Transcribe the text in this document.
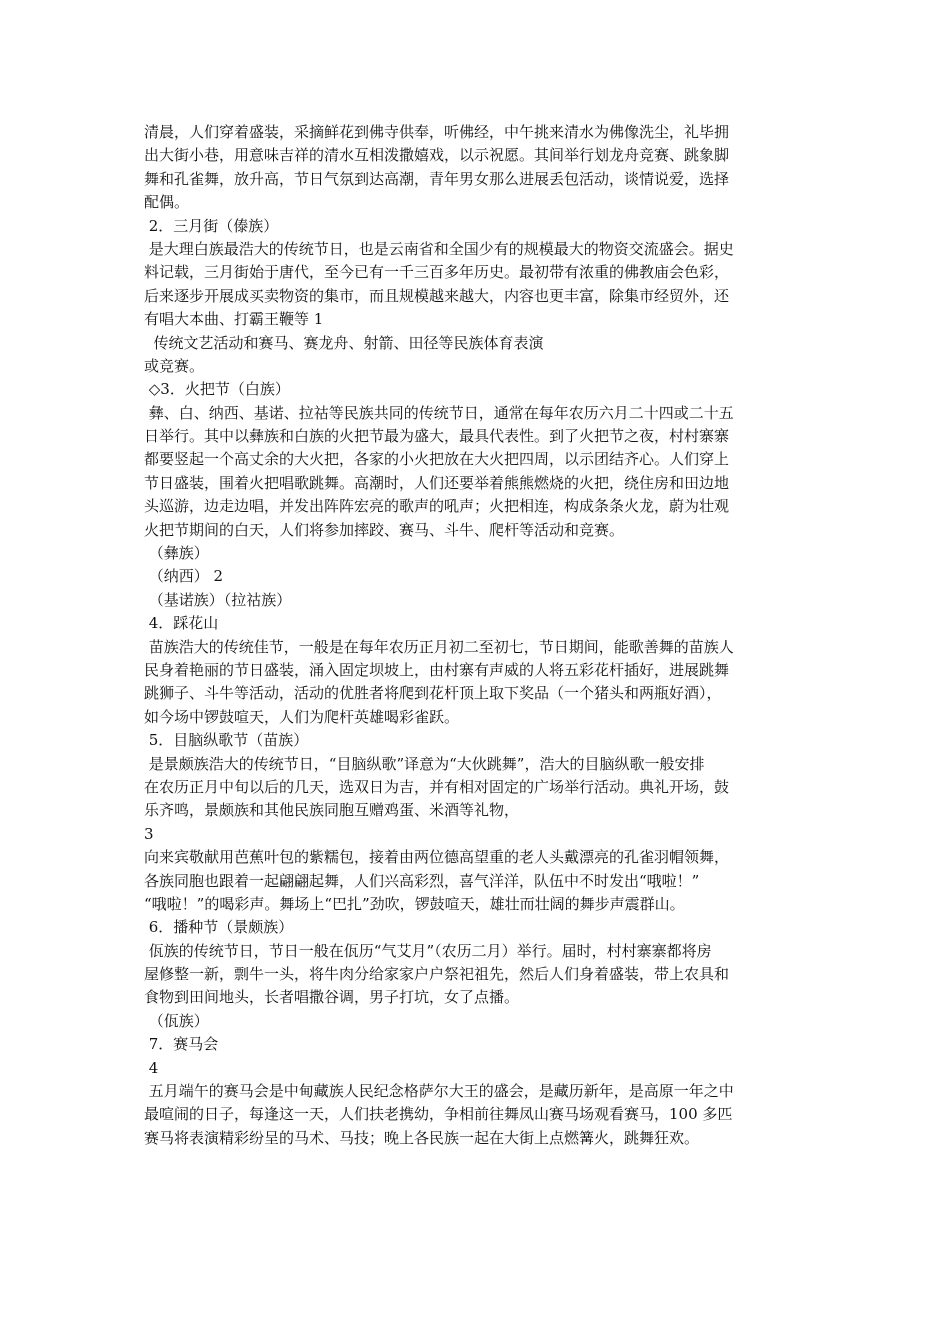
清晨，人们穿着盛装，采摘鲜花到佛寺供奉，听佛经，中午挑来清水为佛像洗尘，礼毕拥
出大街小巷，用意味吉祥的清水互相泼撒嬉戏，以示祝愿。其间举行划龙舟竞赛、跳象脚
舞和孔雀舞，放升高，节日气氛到达高潮，青年男女那么进展丢包活动，谈情说爱，选择
配偶。
2．三月街（傣族）
是大理白族最浩大的传统节日，也是云南省和全国少有的规模最大的物资交流盛会。据史
料记载，三月街始于唐代，至今已有一千三百多年历史。最初带有浓重的佛教庙会色彩，
后来逐步开展成买卖物资的集市，而且规模越来越大，内容也更丰富，除集市经贸外，还
有唱大本曲、打霸王鞭等 1
传统文艺活动和赛马、赛龙舟、射箭、田径等民族体育表演
或竞赛。
◇3．火把节（白族）
彝、白、纳西、基诺、拉祜等民族共同的传统节日，通常在每年农历六月二十四或二十五
日举行。其中以彝族和白族的火把节最为盛大，最具代表性。到了火把节之夜，村村寨寨
都要竖起一个高丈余的大火把，各家的小火把放在大火把四周，以示团结齐心。人们穿上
节日盛装，围着火把唱歌跳舞。高潮时，人们还要举着熊熊燃烧的火把，绕住房和田边地
头巡游，边走边唱，并发出阵阵宏亮的歌声的吼声；火把相连，构成条条火龙，蔚为壮观
火把节期间的白天，人们将参加摔跤、赛马、斗牛、爬杆等活动和竞赛。
（彝族）
（纳西） 2
（基诺族）（拉祜族）
4．踩花山
苗族浩大的传统佳节，一般是在每年农历正月初二至初七，节日期间，能歌善舞的苗族人
民身着艳丽的节日盛装，涌入固定坝坡上，由村寨有声威的人将五彩花杆插好，进展跳舞
跳狮子、斗牛等活动，活动的优胜者将爬到花杆顶上取下奖品（一个猪头和两瓶好酒），
如今场中锣鼓喧天，人们为爬杆英雄喝彩雀跃。
5．目脑纵歌节（苗族）
是景颇族浩大的传统节日，“目脑纵歌”译意为“大伙跳舞”，浩大的目脑纵歌一般安排
在农历正月中旬以后的几天，选双日为吉，并有相对固定的广场举行活动。典礼开场，鼓
乐齐鸣，景颇族和其他民族同胞互赠鸡蛋、米酒等礼物，
3
向来宾敬献用芭蕉叶包的紫糯包，接着由两位德高望重的老人头戴漂亮的孔雀羽帽领舞，
各族同胞也跟着一起翩翩起舞，人们兴高彩烈，喜气洋洋，队伍中不时发出“哦啦！”
“哦啦！”的喝彩声。舞场上“巴扎”劲吹，锣鼓喧天，雄壮而壮阔的舞步声震群山。
6．播种节（景颇族）
佤族的传统节日，节日一般在佤历“气艾月”（农历二月）举行。届时，村村寨寨都将房
屋修整一新，剽牛一头，将牛肉分给家家户户祭祀祖先，然后人们身着盛装，带上农具和
食物到田间地头，长者唱撒谷调，男子打坑，女了点播。
（佤族）
7．赛马会
4
五月端午的赛马会是中甸藏族人民纪念格萨尔大王的盛会，是藏历新年，是高原一年之中
最喧闹的日子，每逢这一天，人们扶老携幼，争相前往舞凤山赛马场观看赛马，100 多匹
赛马将表演精彩纷呈的马术、马技；晚上各民族一起在大街上点燃篝火，跳舞狂欢。
